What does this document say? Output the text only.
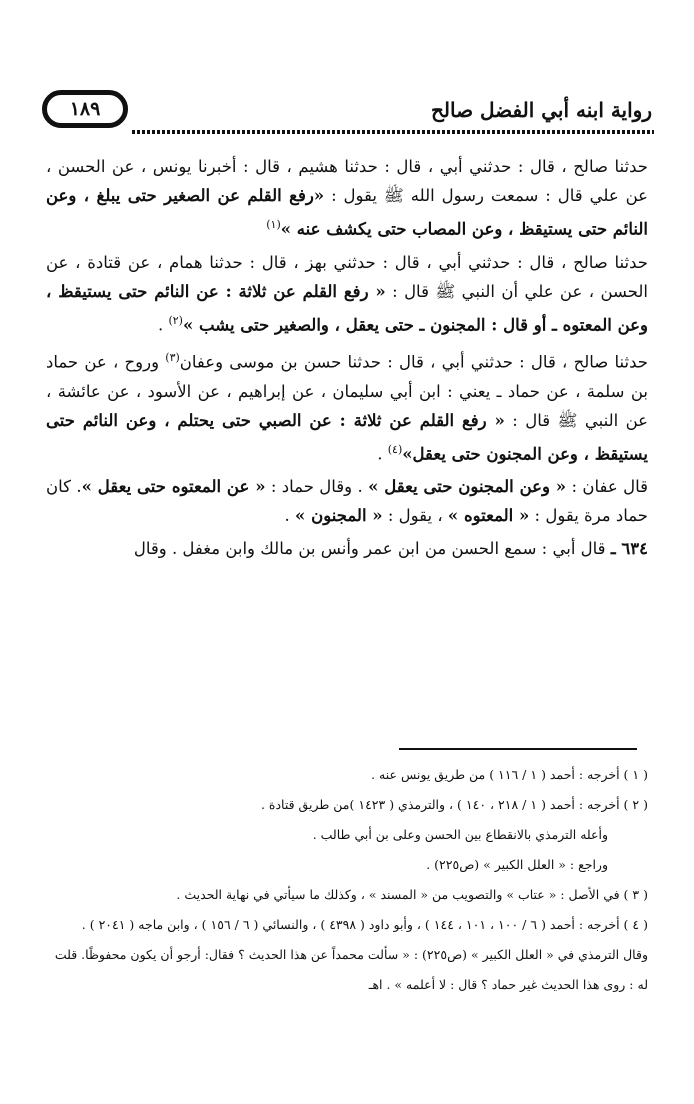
رواية ابنه أبي الفضل صالح
١٨٩

حدثنا صالح ، قال : حدثني أبي ، قال : حدثنا هشيم ، قال : أخبرنا يونس ، عن الحسن ، عن علي قال : سمعت رسول الله ﷺ يقول : «رفع القلم عن الصغير حتى يبلغ ، وعن النائم حتى يستيقظ ، وعن المصاب حتى يكشف عنه »$^{(١)}$

حدثنا صالح ، قال : حدثني أبي ، قال : حدثني بهز ، قال : حدثنا همام ، عن قتادة ، عن الحسن ، عن علي أن النبي ﷺ قال : « رفع القلم عن ثلاثة : عن النائم حتى يستيقظ ، وعن المعتوه ـ أو قال : المجنون ـ حتى يعقل ، والصغير حتى يشب »$^{(٢)}$ .

حدثنا صالح ، قال : حدثني أبي ، قال : حدثنا حسن بن موسى وعفان$^{(٣)}$ وروح ، عن حماد بن سلمة ، عن حماد ـ يعني : ابن أبي سليمان ، عن إبراهيم ، عن الأسود ، عن عائشة ، عن النبي ﷺ قال : « رفع القلم عن ثلاثة : عن الصبي حتى يحتلم ، وعن النائم حتى يستيقظ ، وعن المجنون حتى يعقل»$^{(٤)}$ .

قال عفان : « وعن المجنون حتى يعقل » . وقال حماد : « عن المعتوه حتى يعقل ». كان حماد مرة يقول : « المعتوه » ، يقول : « المجنون » .

٦٣٤ ـ قال أبي : سمع الحسن من ابن عمر وأنس بن مالك وابن مغفل . وقال

( ١ ) أخرجه : أحمد ( ١ / ١١٦ ) من طريق يونس عنه .

( ٢ ) أخرجه : أحمد ( ١ / ٢١٨ ، ١٤٠ ) ، والترمذي ( ١٤٢٣ )من طريق قتادة .

وأعله الترمذي بالانقطاع بين الحسن وعلى بن أبي طالب .

وراجع : « العلل الكبير » (ص٢٢٥) .

( ٣ ) في الأصل : « عتاب » والتصويب من « المسند » ، وكذلك ما سيأتي في نهاية الحديث .

( ٤ ) أخرجه : أحمد ( ٦ / ١٠٠ ، ١٠١ ، ١٤٤ ) ، وأبو داود ( ٤٣٩٨ ) ، والنسائي ( ٦ / ١٥٦ ) ، وابن ماجه ( ٢٠٤١ ) .

وقال الترمذي في « العلل الكبير » (ص٢٢٥) : « سألت محمداً عن هذا الحديث ؟ فقال: أرجو أن يكون محفوظًا. قلت له : روى هذا الحديث غير حماد ؟ قال : لا أعلمه » . اهـ
